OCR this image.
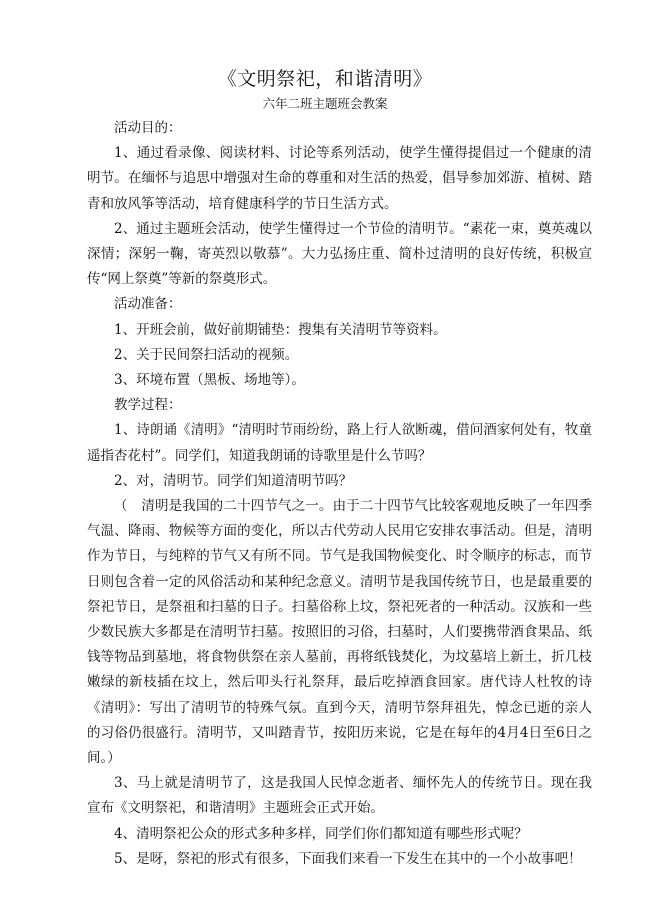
《文明祭祀，和谐清明》
六年二班主题班会教案

活动目的：

1、通过看录像、阅读材料、讨论等系列活动，使学生懂得提倡过一个健康的清明节。在缅怀与追思中增强对生命的尊重和对生活的热爱，倡导参加郊游、植树、踏青和放风筝等活动，培育健康科学的节日生活方式。

2、通过主题班会活动，使学生懂得过一个节俭的清明节。“素花一束，奠英魂以深情；深躬一鞠，寄英烈以敬慕”。大力弘扬庄重、简朴过清明的良好传统，积极宣传“网上祭奠”等新的祭奠形式。

活动准备：

1、开班会前，做好前期铺垫：搜集有关清明节等资料。

2、关于民间祭扫活动的视频。

3、环境布置（黑板、场地等）。

教学过程：

1、诗朗诵《清明》“清明时节雨纷纷，路上行人欲断魂，借问酒家何处有，牧童遥指杏花村”。同学们，知道我朗诵的诗歌里是什么节吗？

2、对，清明节。同学们知道清明节吗？

（　清明是我国的二十四节气之一。由于二十四节气比较客观地反映了一年四季气温、降雨、物候等方面的变化，所以古代劳动人民用它安排农事活动。但是，清明作为节日，与纯粹的节气又有所不同。节气是我国物候变化、时令顺序的标志，而节日则包含着一定的风俗活动和某种纪念意义。清明节是我国传统节日，也是最重要的祭祀节日，是祭祖和扫墓的日子。扫墓俗称上坟，祭祀死者的一种活动。汉族和一些少数民族大多都是在清明节扫墓。按照旧的习俗，扫墓时，人们要携带酒食果品、纸钱等物品到墓地，将食物供祭在亲人墓前，再将纸钱焚化，为坟墓培上新土，折几枝嫩绿的新枝插在坟上，然后叩头行礼祭拜，最后吃掉酒食回家。唐代诗人杜牧的诗《清明》：写出了清明节的特殊气氛。直到今天，清明节祭拜祖先，悼念已逝的亲人的习俗仍很盛行。清明节，又叫踏青节，按阳历来说，它是在每年的4月4日至6日之间。）

3、马上就是清明节了，这是我国人民悼念逝者、缅怀先人的传统节日。现在我宣布《文明祭祀，和谐清明》主题班会正式开始。

4、清明祭祀公众的形式多种多样，同学们你们都知道有哪些形式呢？

5、是呀，祭祀的形式有很多，下面我们来看一下发生在其中的一个小故事吧！
